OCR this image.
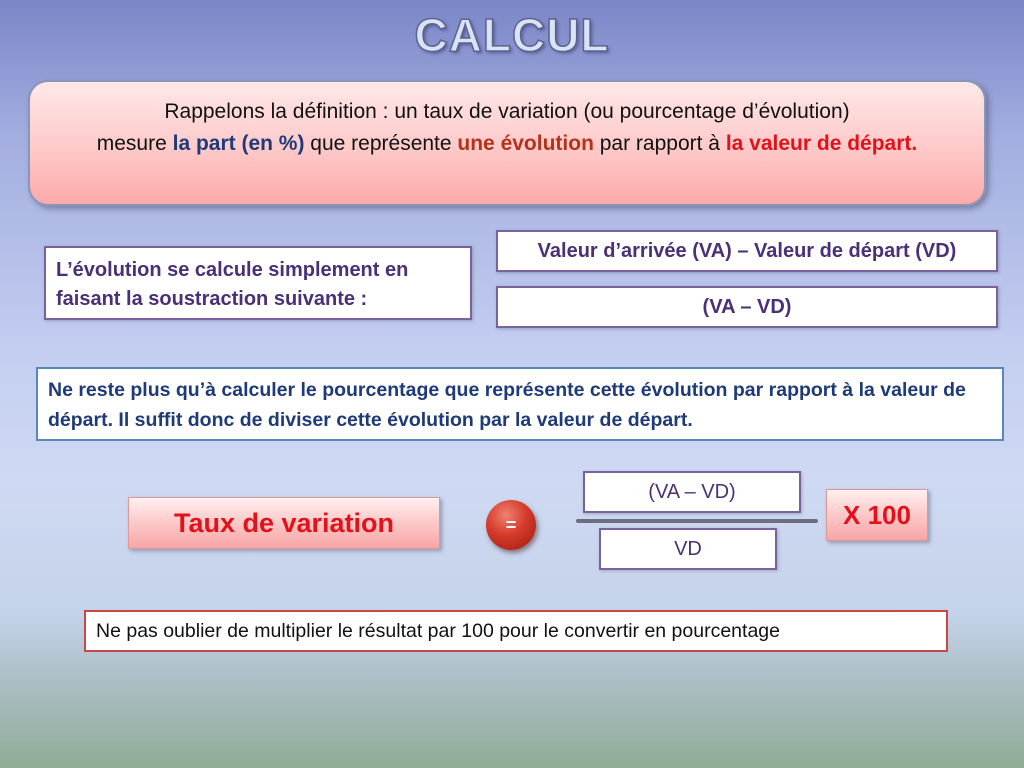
CALCUL
Rappelons la définition : un taux de variation (ou pourcentage d’évolution)
mesure la part (en %) que représente une évolution par rapport à la valeur de départ.
L’évolution se calcule simplement en faisant la soustraction suivante :
Valeur d’arrivée (VA) – Valeur de départ (VD)
(VA – VD)
Ne reste plus qu’à calculer le pourcentage que représente cette évolution par rapport à la valeur de départ. Il suffit donc de diviser cette évolution par la valeur de départ.
Taux de variation	=
(VA – VD)
VD
X 100
Ne pas oublier de multiplier le résultat par 100 pour le convertir en pourcentage
